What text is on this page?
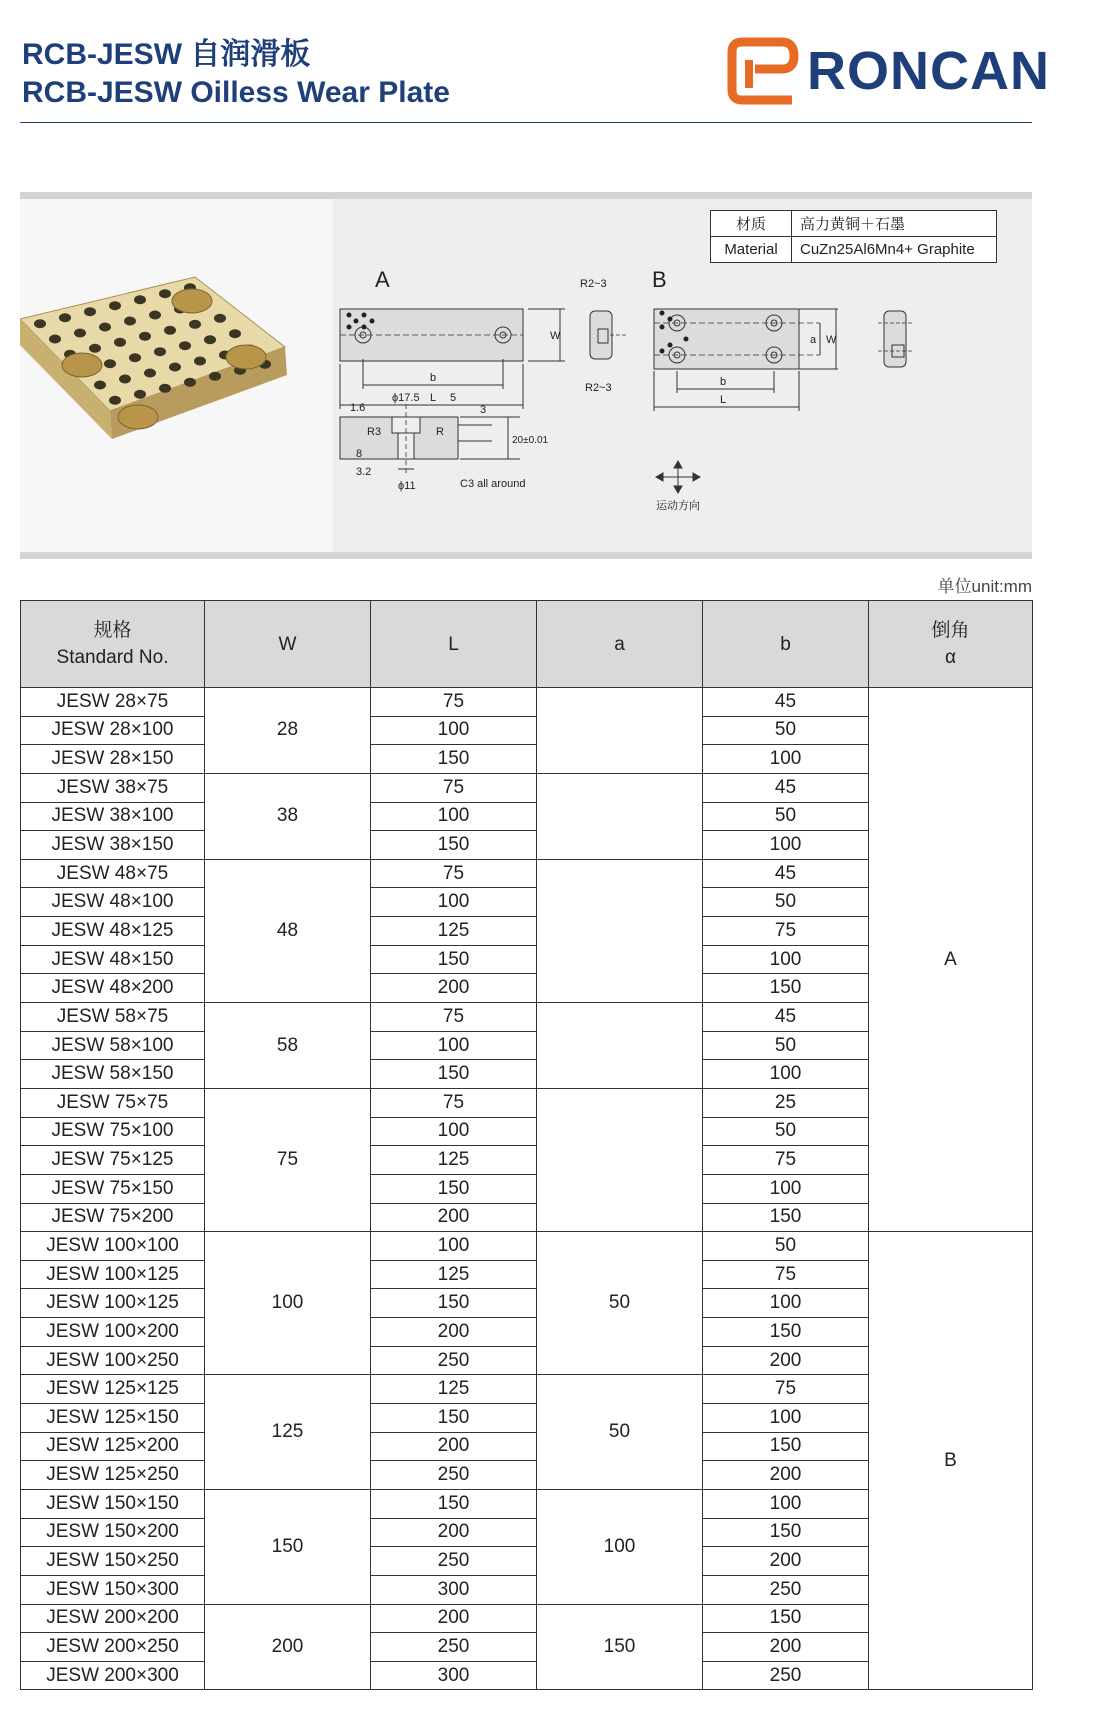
RCB-JESW 自润滑板
RCB-JESW Oilless Wear Plate	RONCAN
A
b
L
W
R2~3
R2~3
1.6
ϕ17.5	5
3
R3	R
8
3.2
ϕ11
20±0.01
C3 all around
B
b
L
a W
运动方向
材质	高力黄铜＋石墨
Material	CuZn25Al6Mn4+ Graphite
单位unit:mm
规格
Standard No.	W	L	a	b	倒角
α
JESW 28×75	28	75		45	A
JESW 28×100		100		50	
JESW 28×150		150		100	
JESW 38×75	38	75		45	
JESW 38×100		100		50	
JESW 38×150		150		100	
JESW 48×75	48	75		45	
JESW 48×100		100		50	
JESW 48×125		125		75	
JESW 48×150		150		100	
JESW 48×200		200		150	
JESW 58×75	58	75		45	
JESW 58×100		100		50	
JESW 58×150		150		100	
JESW 75×75	75	75		25	
JESW 75×100		100		50	
JESW 75×125		125		75	
JESW 75×150		150		100	
JESW 75×200		200		150	
JESW 100×100	100	100	50	50	B
JESW 100×125		125		75	
JESW 100×125		150		100	
JESW 100×200		200		150	
JESW 100×250		250		200	
JESW 125×125	125	125	50	75	
JESW 125×150		150		100	
JESW 125×200		200		150	
JESW 125×250		250		200	
JESW 150×150	150	150	100	100	
JESW 150×200		200		150	
JESW 150×250		250		200	
JESW 150×300		300		250	
JESW 200×200	200	200	150	150	
JESW 200×250		250		200	
JESW 200×300		300		250	
